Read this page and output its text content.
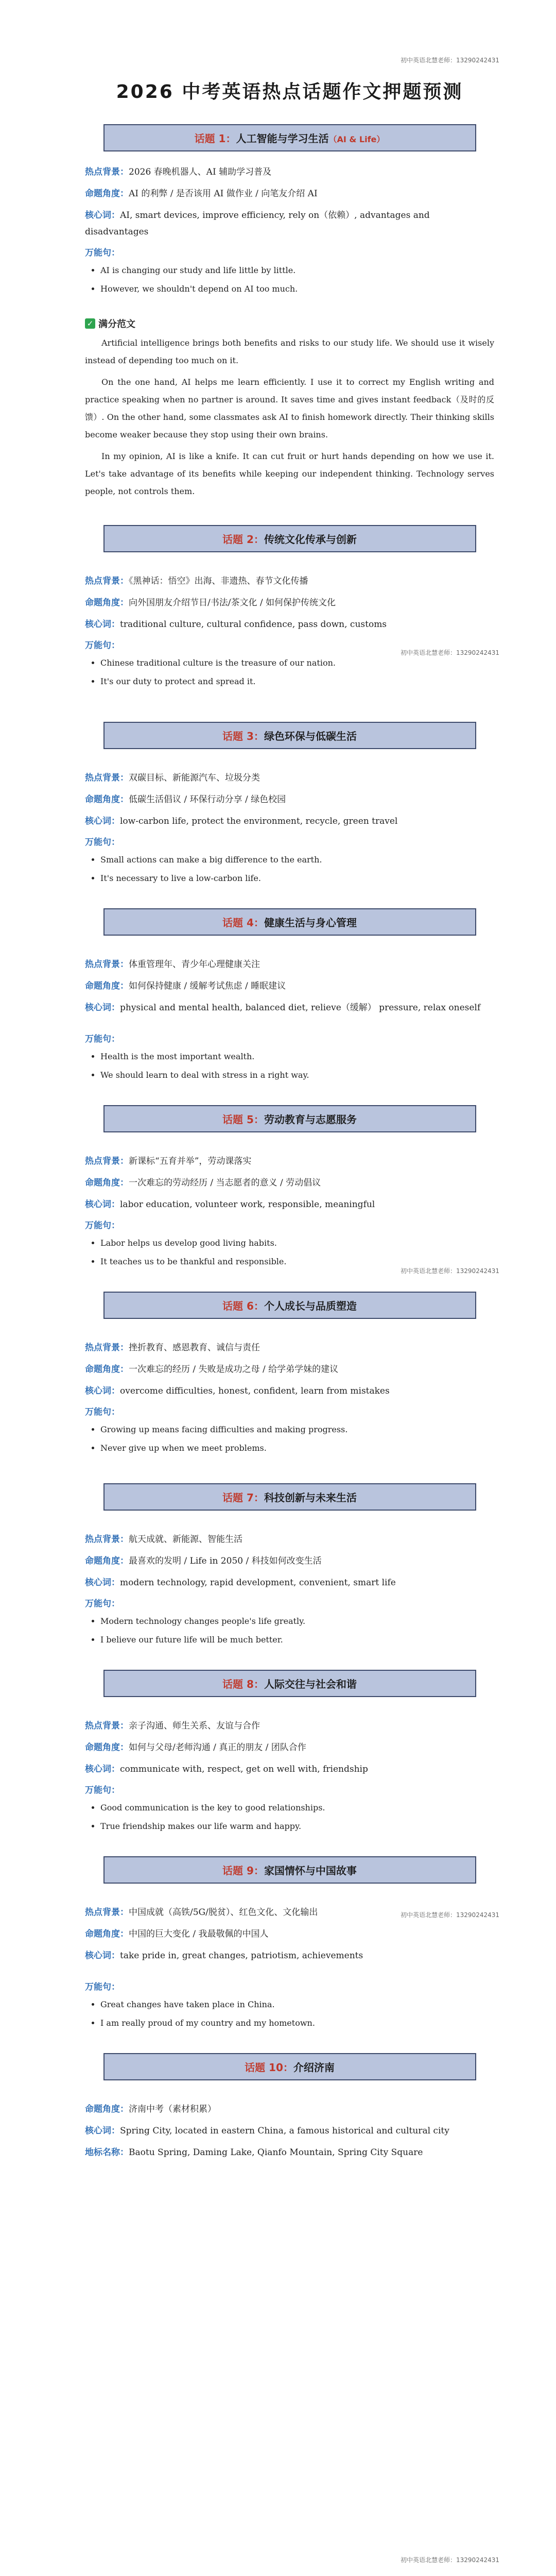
初中英语北慧老师：13290242431
初中英语北慧老师：13290242431
初中英语北慧老师：13290242431
初中英语北慧老师：13290242431
初中英语北慧老师：13290242431
2026 中考英语热点话题作文押题预测
话题 1：人工智能与学习生活（AI & Life）
热点背景：2026 春晚机器人、AI 辅助学习普及
命题角度：AI 的利弊 / 是否该用 AI 做作业 / 向笔友介绍 AI
核心词：AI, smart devices, improve efficiency, rely on（依赖）, advantages and disadvantages
万能句：
• AI is changing our study and life little by little.
• However, we shouldn't depend on AI too much.
✓ 满分范文

Artificial intelligence brings both benefits and risks to our study life. We should use it wisely instead of depending too much on it.

On the one hand, AI helps me learn efficiently. I use it to correct my English writing and practice speaking when no partner is around. It saves time and gives instant feedback（及时的反馈）. On the other hand, some classmates ask AI to finish homework directly. Their thinking skills become weaker because they stop using their own brains.

In my opinion, AI is like a knife. It can cut fruit or hurt hands depending on how we use it. Let's take advantage of its benefits while keeping our independent thinking. Technology serves people, not controls them.

话题 2：传统文化传承与创新
热点背景：《黑神话：悟空》出海、非遗热、春节文化传播
命题角度：向外国朋友介绍节日/书法/茶文化 / 如何保护传统文化
核心词：traditional culture, cultural confidence, pass down, customs
万能句：
• Chinese traditional culture is the treasure of our nation.
• It's our duty to protect and spread it.
话题 3：绿色环保与低碳生活
热点背景：双碳目标、新能源汽车、垃圾分类
命题角度：低碳生活倡议 / 环保行动分享 / 绿色校园
核心词：low-carbon life, protect the environment, recycle, green travel
万能句：
• Small actions can make a big difference to the earth.
• It's necessary to live a low-carbon life.
话题 4：健康生活与身心管理
热点背景：体重管理年、青少年心理健康关注
命题角度：如何保持健康 / 缓解考试焦虑 / 睡眠建议
核心词：physical and mental health, balanced diet, relieve（缓解） pressure, relax oneself
万能句：
• Health is the most important wealth.
• We should learn to deal with stress in a right way.
话题 5：劳动教育与志愿服务
热点背景：新课标“五育并举”，劳动课落实
命题角度：一次难忘的劳动经历 / 当志愿者的意义 / 劳动倡议
核心词：labor education, volunteer work, responsible, meaningful
万能句：
• Labor helps us develop good living habits.
• It teaches us to be thankful and responsible.
话题 6：个人成长与品质塑造
热点背景：挫折教育、感恩教育、诚信与责任
命题角度：一次难忘的经历 / 失败是成功之母 / 给学弟学妹的建议
核心词：overcome difficulties, honest, confident, learn from mistakes
万能句：
• Growing up means facing difficulties and making progress.
• Never give up when we meet problems.
话题 7：科技创新与未来生活
热点背景：航天成就、新能源、智能生活
命题角度：最喜欢的发明 / Life in 2050 / 科技如何改变生活
核心词：modern technology, rapid development, convenient, smart life
万能句：
• Modern technology changes people's life greatly.
• I believe our future life will be much better.
话题 8：人际交往与社会和谐
热点背景：亲子沟通、师生关系、友谊与合作
命题角度：如何与父母/老师沟通 / 真正的朋友 / 团队合作
核心词：communicate with, respect, get on well with, friendship
万能句：
• Good communication is the key to good relationships.
• True friendship makes our life warm and happy.
话题 9：家国情怀与中国故事
热点背景：中国成就（高铁/5G/脱贫）、红色文化、文化输出
命题角度：中国的巨大变化 / 我最敬佩的中国人
核心词：take pride in, great changes, patriotism, achievements
万能句：
• Great changes have taken place in China.
• I am really proud of my country and my hometown.
话题 10：介绍济南
命题角度：济南中考（素材积累）
核心词：Spring City, located in eastern China, a famous historical and cultural city
地标名称：Baotu Spring, Daming Lake, Qianfo Mountain, Spring City Square
